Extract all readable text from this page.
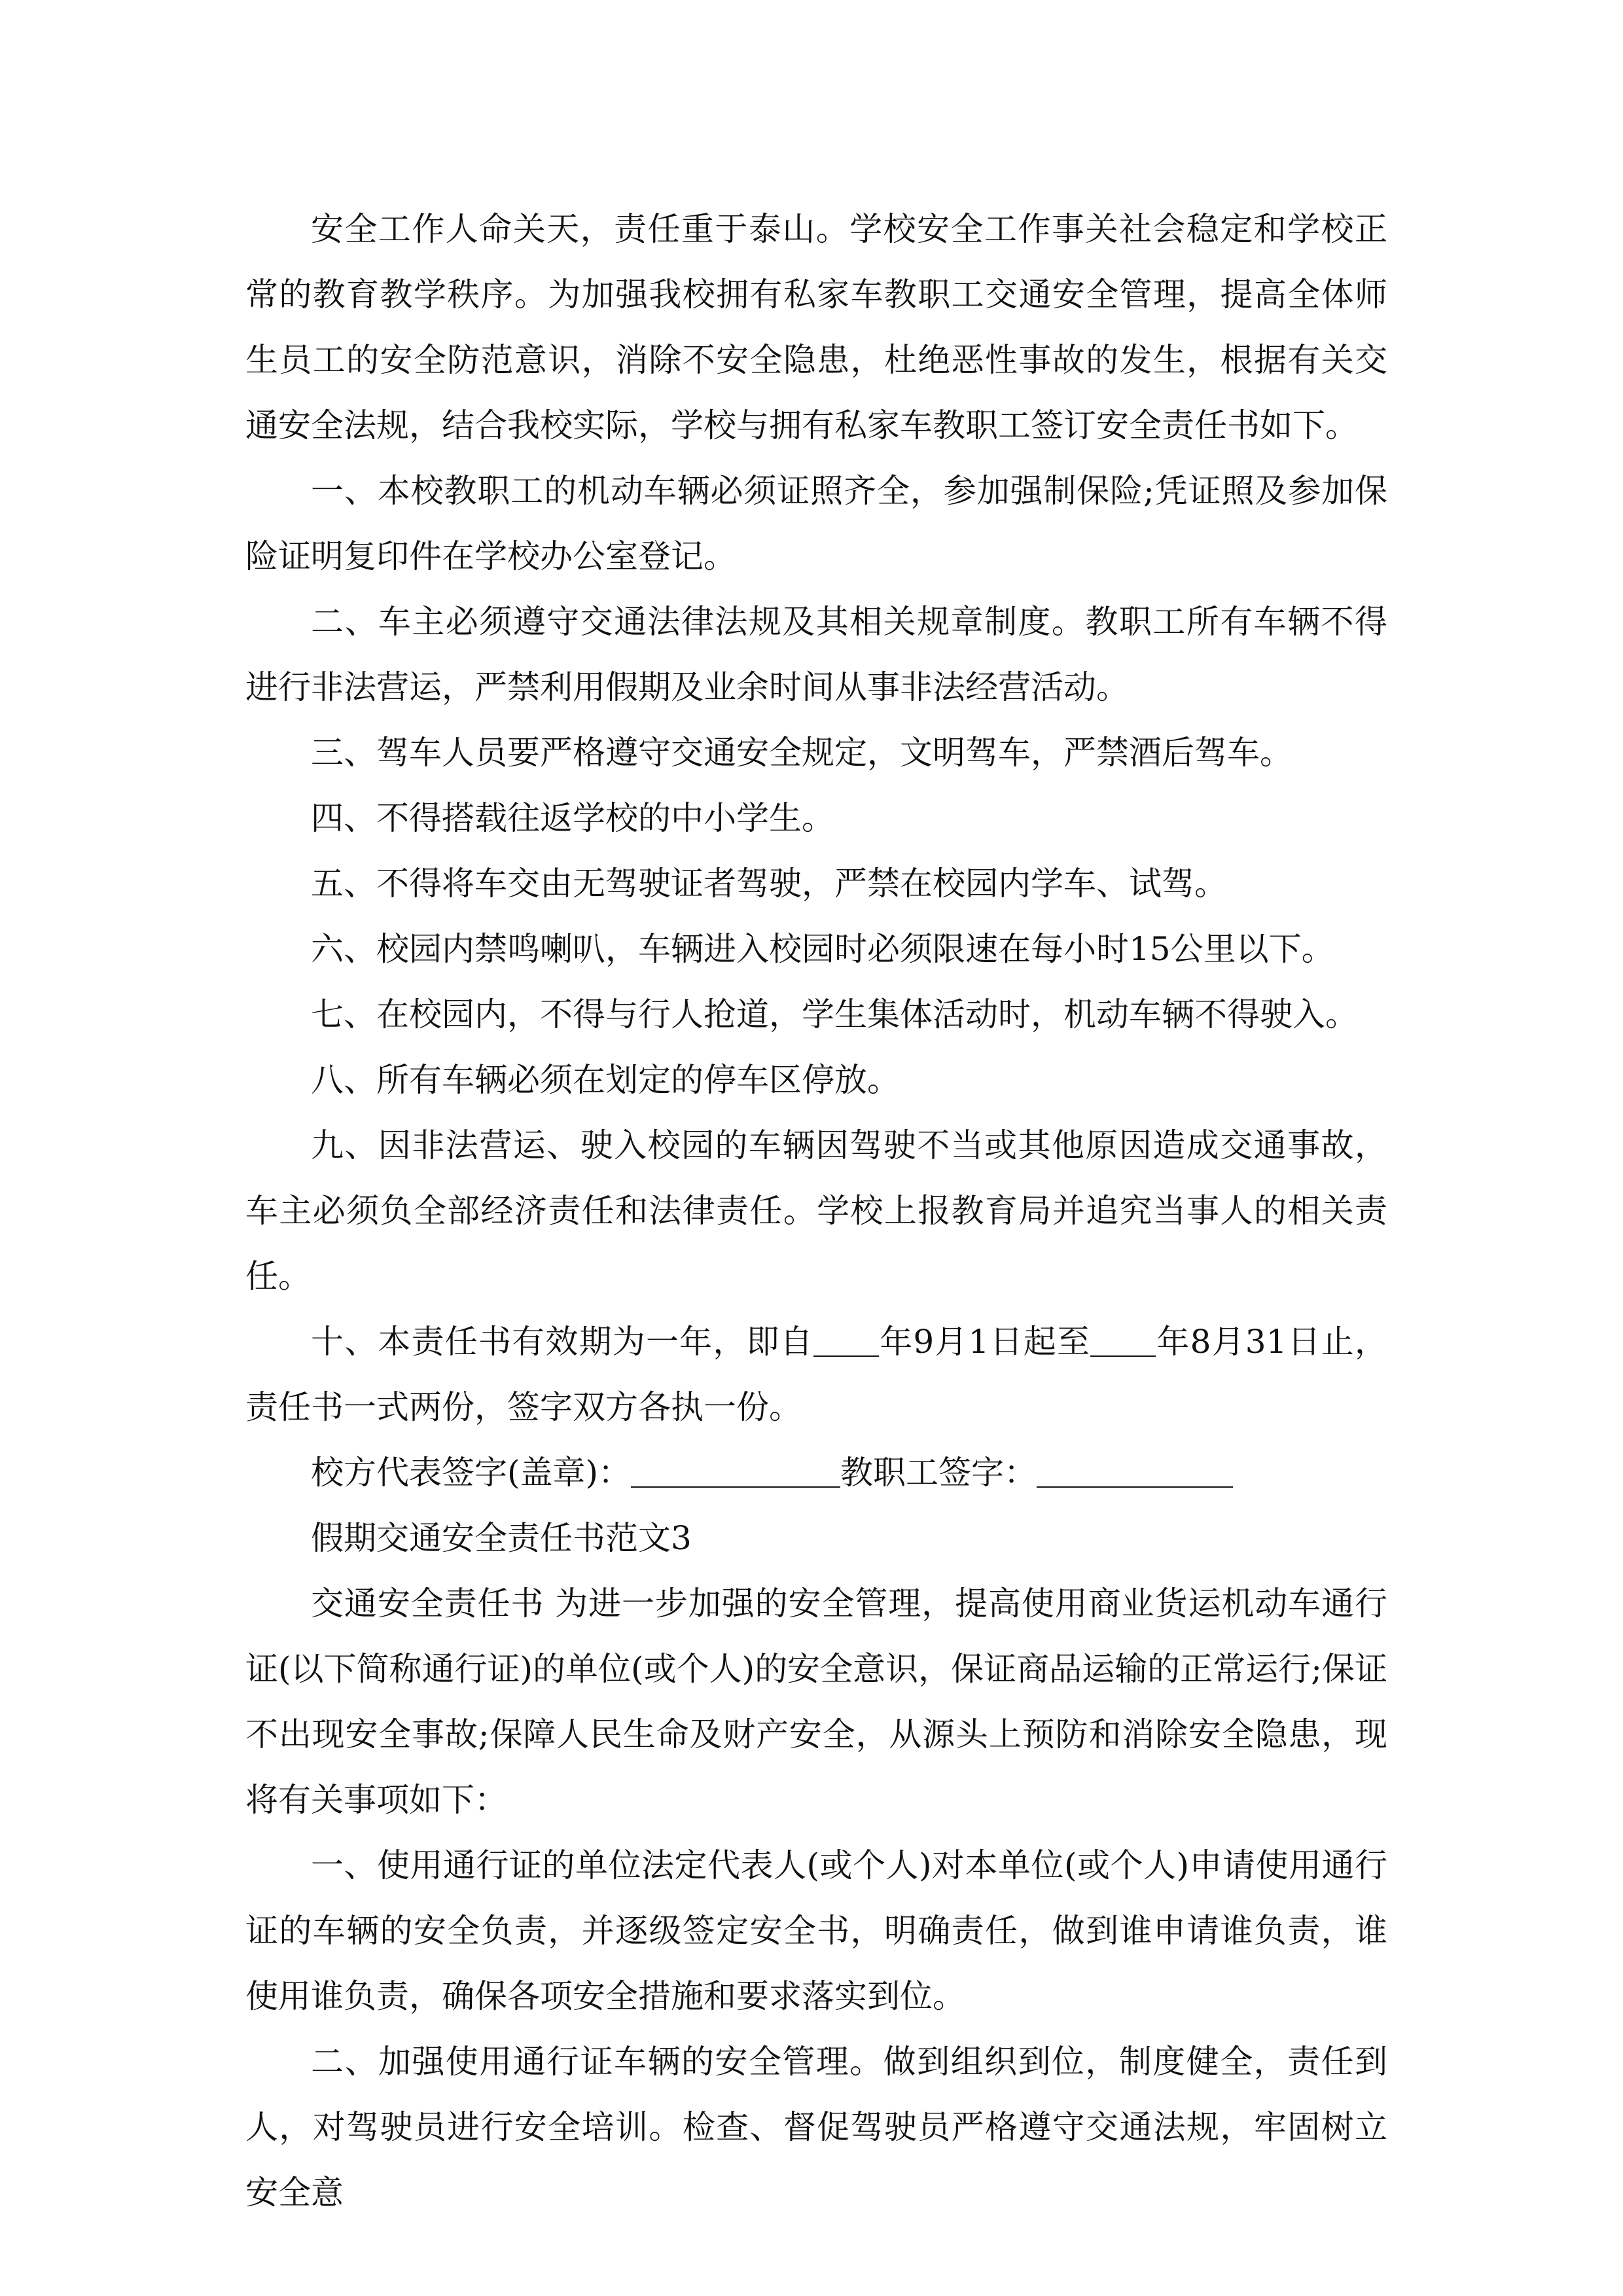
安全工作人命关天，责任重于泰山。学校安全工作事关社会稳定和学校正常的教育教学秩序。为加强我校拥有私家车教职工交通安全管理，提高全体师生员工的安全防范意识，消除不安全隐患，杜绝恶性事故的发生，根据有关交通安全法规，结合我校实际，学校与拥有私家车教职工签订安全责任书如下。

一、本校教职工的机动车辆必须证照齐全，参加强制保险;凭证照及参加保险证明复印件在学校办公室登记。

二、车主必须遵守交通法律法规及其相关规章制度。教职工所有车辆不得进行非法营运，严禁利用假期及业余时间从事非法经营活动。

三、驾车人员要严格遵守交通安全规定，文明驾车，严禁酒后驾车。

四、不得搭载往返学校的中小学生。

五、不得将车交由无驾驶证者驾驶，严禁在校园内学车、试驾。

六、校园内禁鸣喇叭，车辆进入校园时必须限速在每小时15公里以下。

七、在校园内，不得与行人抢道，学生集体活动时，机动车辆不得驶入。

八、所有车辆必须在划定的停车区停放。

九、因非法营运、驶入校园的车辆因驾驶不当或其他原因造成交通事故，车主必须负全部经济责任和法律责任。学校上报教育局并追究当事人的相关责任。

十、本责任书有效期为一年，即自 年9月1日起至 年8月31日止，责任书一式两份，签字双方各执一份。

校方代表签字(盖章)：	教职工签字：

假期交通安全责任书范文3

交通安全责任书 为进一步加强的安全管理，提高使用商业货运机动车通行证(以下简称通行证)的单位(或个人)的安全意识，保证商品运输的正常运行;保证不出现安全事故;保障人民生命及财产安全，从源头上预防和消除安全隐患，现将有关事项如下：

一、使用通行证的单位法定代表人(或个人)对本单位(或个人)申请使用通行证的车辆的安全负责，并逐级签定安全书，明确责任，做到谁申请谁负责，谁使用谁负责，确保各项安全措施和要求落实到位。

二、加强使用通行证车辆的安全管理。做到组织到位，制度健全，责任到人，对驾驶员进行安全培训。检查、督促驾驶员严格遵守交通法规，牢固树立安全意
